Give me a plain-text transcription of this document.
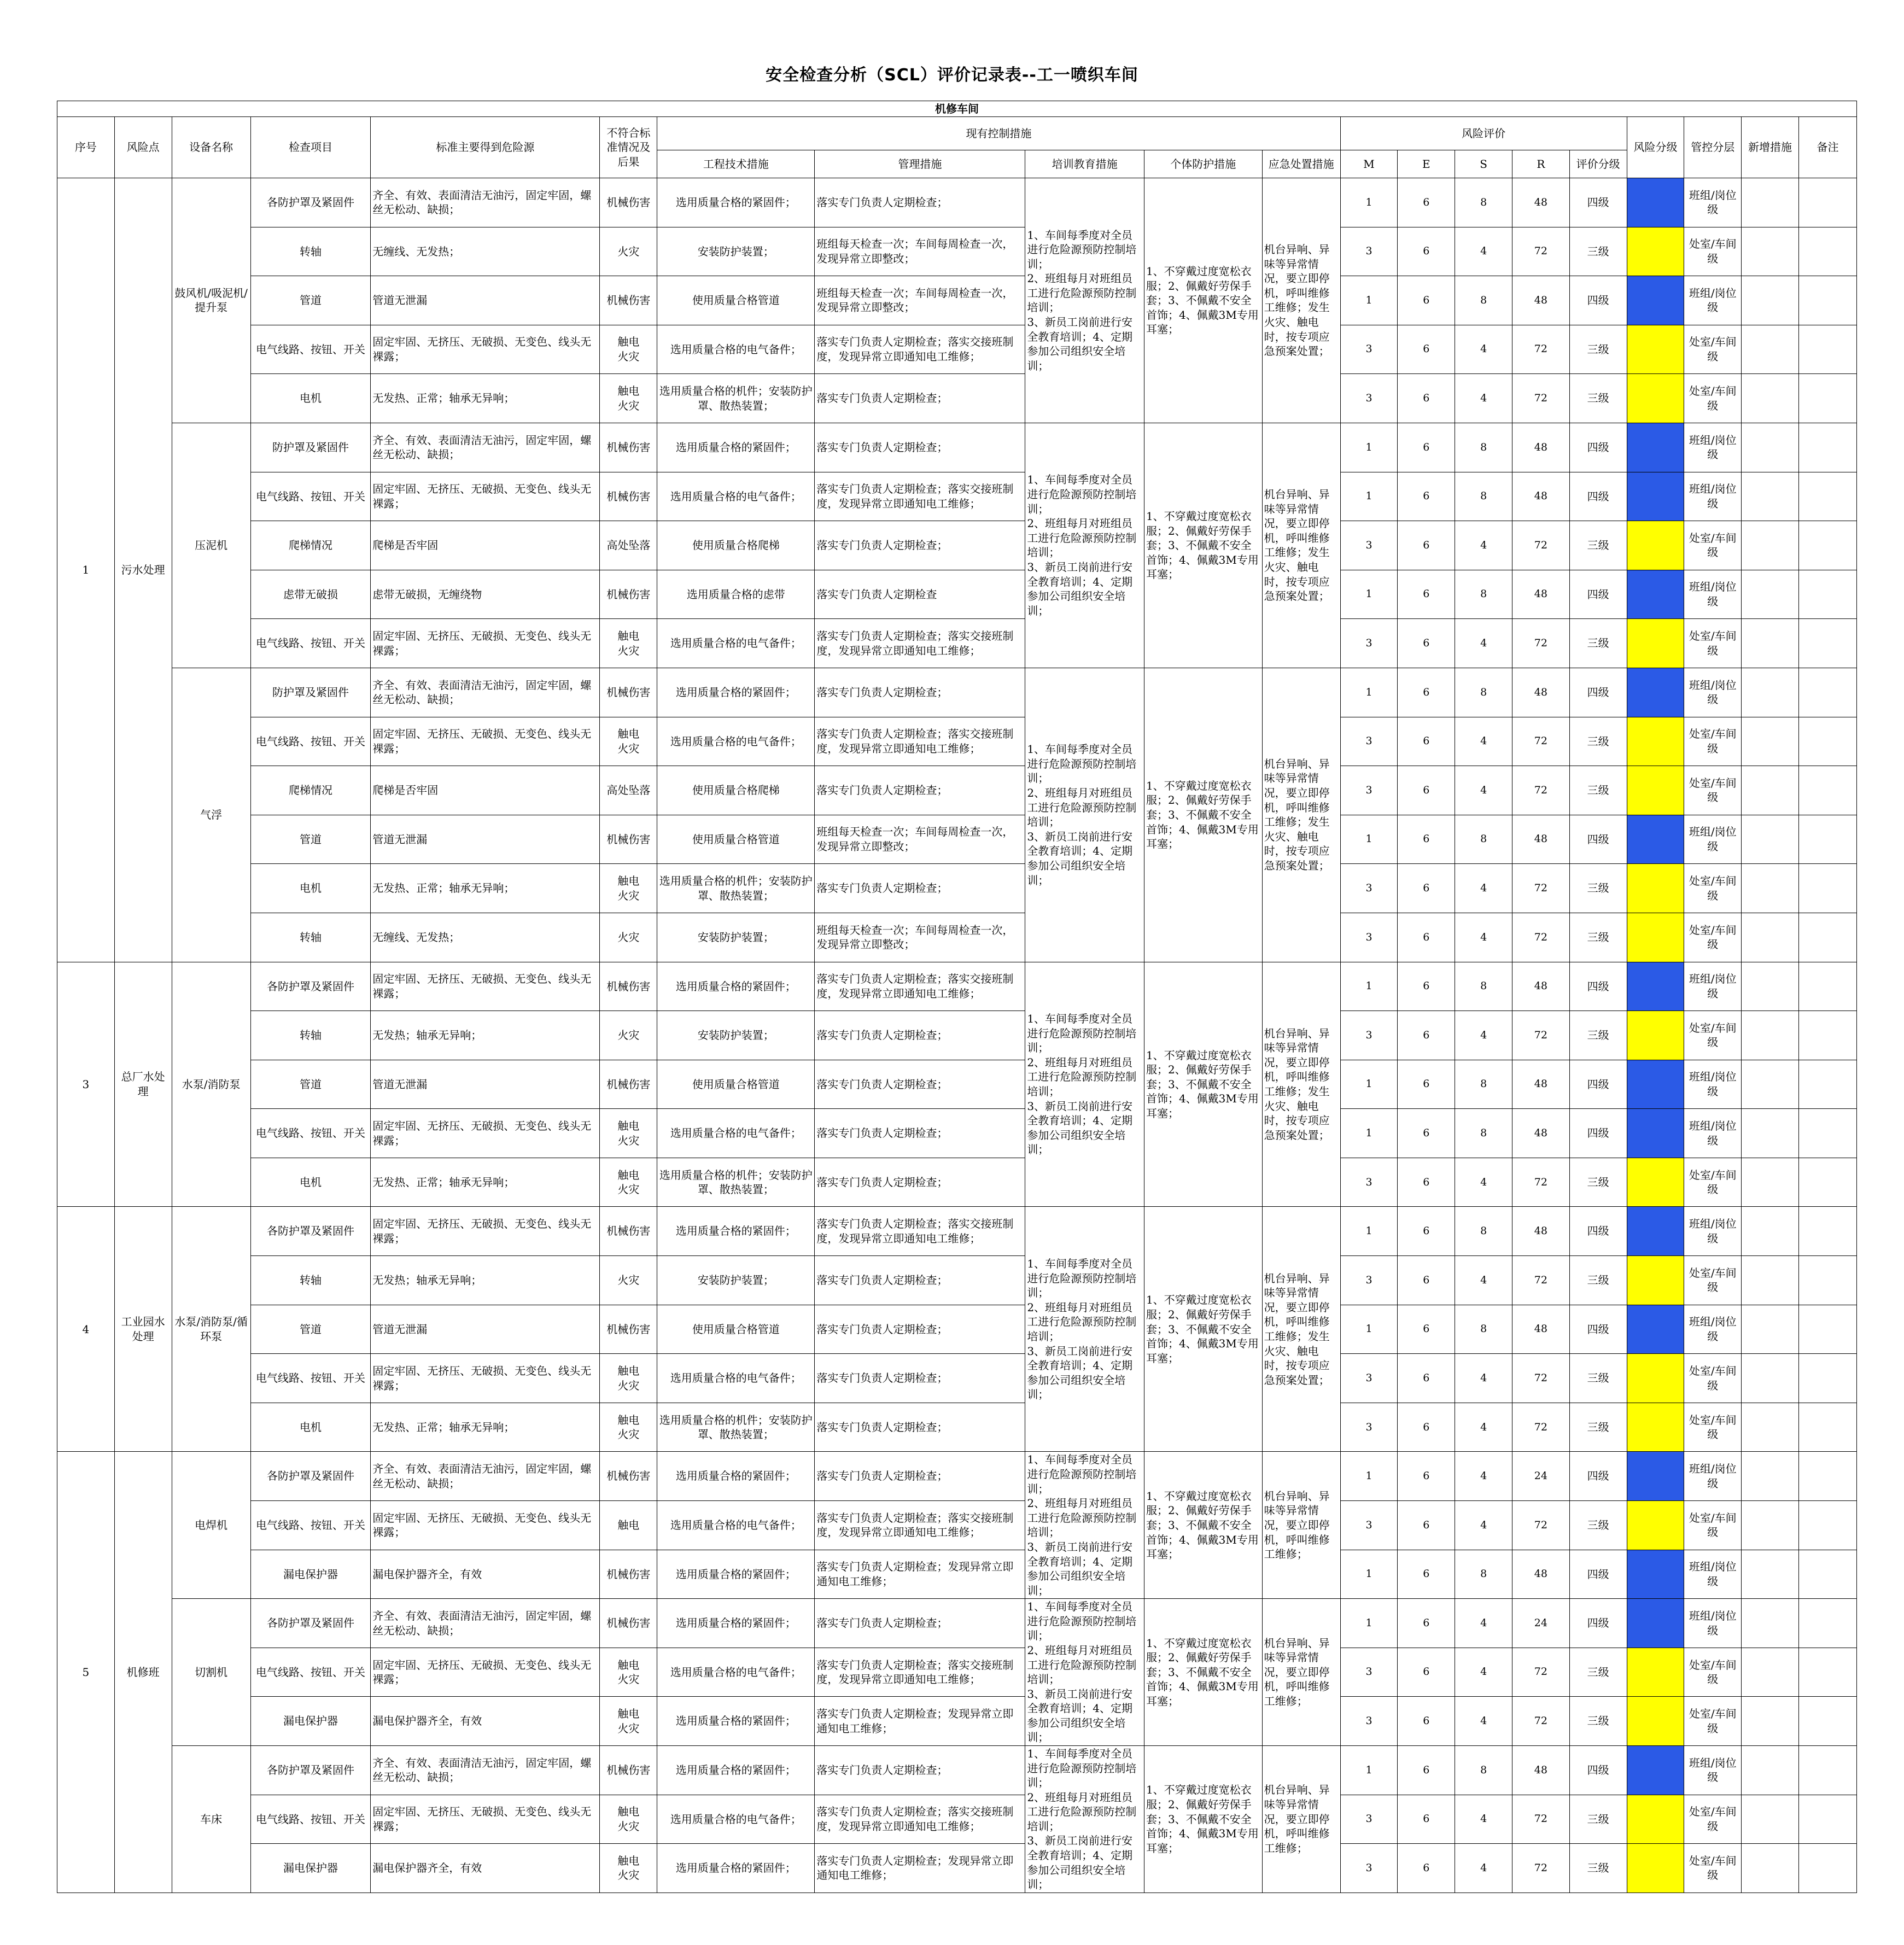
安全检查分析（SCL）评价记录表--工一喷织车间
机修车间																			
序号	风险点	设备名称	检查项目	标准主要得到危险源	不符合标准情况及后果	现有控制措施					风险评价					风险分级	管控分层	新增措施	备注
						工程技术措施	管理措施	培训教育措施	个体防护措施	应急处置措施	M	E	S	R	评价分级				
1	污水处理	鼓风机/吸泥机/提升泵	各防护罩及紧固件	齐全、有效、表面清洁无油污，固定牢固，螺丝无松动、缺损；	机械伤害	选用质量合格的紧固件；	落实专门负责人定期检查；	1、车间每季度对全员进行危险源预防控制培训；
2、班组每月对班组员工进行危险源预防控制培训；
3、新员工岗前进行安全教育培训；4、定期参加公司组织安全培训；	1、不穿戴过度宽松衣服；2、佩戴好劳保手套；3、不佩戴不安全首饰；4、佩戴3M专用耳塞；	机台异响、异味等异常情况，要立即停机，呼叫维修工维修；发生火灾、触电时，按专项应急预案处置；	1	6	8	48	四级		班组/岗位级		
			转轴	无缠线、无发热；	火灾	安装防护装置；	班组每天检查一次；车间每周检查一次，发现异常立即整改；				3	6	4	72	三级		处室/车间级		
			管道	管道无泄漏	机械伤害	使用质量合格管道	班组每天检查一次；车间每周检查一次，发现异常立即整改；				1	6	8	48	四级		班组/岗位级		
			电气线路、按钮、开关	固定牢固、无挤压、无破损、无变色、线头无裸露；	触电
火灾	选用质量合格的电气备件；	落实专门负责人定期检查；落实交接班制度，发现异常立即通知电工维修；				3	6	4	72	三级		处室/车间级		
			电机	无发热、正常；轴承无异响；	触电
火灾	选用质量合格的机件；安装防护罩、散热装置；	落实专门负责人定期检查；				3	6	4	72	三级		处室/车间级		
		压泥机	防护罩及紧固件	齐全、有效、表面清洁无油污，固定牢固，螺丝无松动、缺损；	机械伤害	选用质量合格的紧固件；	落实专门负责人定期检查；	1、车间每季度对全员进行危险源预防控制培训；
2、班组每月对班组员工进行危险源预防控制培训；
3、新员工岗前进行安全教育培训；4、定期参加公司组织安全培训；	1、不穿戴过度宽松衣服；2、佩戴好劳保手套；3、不佩戴不安全首饰；4、佩戴3M专用耳塞；	机台异响、异味等异常情况，要立即停机，呼叫维修工维修；发生火灾、触电时，按专项应急预案处置；	1	6	8	48	四级		班组/岗位级		
			电气线路、按钮、开关	固定牢固、无挤压、无破损、无变色、线头无裸露；	机械伤害	选用质量合格的电气备件；	落实专门负责人定期检查；落实交接班制度，发现异常立即通知电工维修；				1	6	8	48	四级		班组/岗位级		
			爬梯情况	爬梯是否牢固	高处坠落	使用质量合格爬梯	落实专门负责人定期检查；				3	6	4	72	三级		处室/车间级		
			虑带无破损	虑带无破损，无缠绕物	机械伤害	选用质量合格的虑带	落实专门负责人定期检查				1	6	8	48	四级		班组/岗位级		
			电气线路、按钮、开关	固定牢固、无挤压、无破损、无变色、线头无裸露；	触电
火灾	选用质量合格的电气备件；	落实专门负责人定期检查；落实交接班制度，发现异常立即通知电工维修；				3	6	4	72	三级		处室/车间级		
		气浮	防护罩及紧固件	齐全、有效、表面清洁无油污，固定牢固，螺丝无松动、缺损；	机械伤害	选用质量合格的紧固件；	落实专门负责人定期检查；	1、车间每季度对全员进行危险源预防控制培训；
2、班组每月对班组员工进行危险源预防控制培训；
3、新员工岗前进行安全教育培训；4、定期参加公司组织安全培训；	1、不穿戴过度宽松衣服；2、佩戴好劳保手套；3、不佩戴不安全首饰；4、佩戴3M专用耳塞；	机台异响、异味等异常情况，要立即停机，呼叫维修工维修；发生火灾、触电时，按专项应急预案处置；	1	6	8	48	四级		班组/岗位级		
			电气线路、按钮、开关	固定牢固、无挤压、无破损、无变色、线头无裸露；	触电
火灾	选用质量合格的电气备件；	落实专门负责人定期检查；落实交接班制度，发现异常立即通知电工维修；				3	6	4	72	三级		处室/车间级		
			爬梯情况	爬梯是否牢固	高处坠落	使用质量合格爬梯	落实专门负责人定期检查；				3	6	4	72	三级		处室/车间级		
			管道	管道无泄漏	机械伤害	使用质量合格管道	班组每天检查一次；车间每周检查一次，发现异常立即整改；				1	6	8	48	四级		班组/岗位级		
			电机	无发热、正常；轴承无异响；	触电
火灾	选用质量合格的机件；安装防护罩、散热装置；	落实专门负责人定期检查；				3	6	4	72	三级		处室/车间级		
			转轴	无缠线、无发热；	火灾	安装防护装置；	班组每天检查一次；车间每周检查一次，发现异常立即整改；				3	6	4	72	三级		处室/车间级		
3	总厂水处理	水泵/消防泵	各防护罩及紧固件	固定牢固、无挤压、无破损、无变色、线头无裸露；	机械伤害	选用质量合格的紧固件；	落实专门负责人定期检查；落实交接班制度，发现异常立即通知电工维修；	1、车间每季度对全员进行危险源预防控制培训；
2、班组每月对班组员工进行危险源预防控制培训；
3、新员工岗前进行安全教育培训；4、定期参加公司组织安全培训；	1、不穿戴过度宽松衣服；2、佩戴好劳保手套；3、不佩戴不安全首饰；4、佩戴3M专用耳塞；	机台异响、异味等异常情况，要立即停机，呼叫维修工维修；发生火灾、触电时，按专项应急预案处置；	1	6	8	48	四级		班组/岗位级		
			转轴	无发热；轴承无异响；	火灾	安装防护装置；	落实专门负责人定期检查；				3	6	4	72	三级		处室/车间级		
			管道	管道无泄漏	机械伤害	使用质量合格管道	落实专门负责人定期检查；				1	6	8	48	四级		班组/岗位级		
			电气线路、按钮、开关	固定牢固、无挤压、无破损、无变色、线头无裸露；	触电
火灾	选用质量合格的电气备件；	落实专门负责人定期检查；				1	6	8	48	四级		班组/岗位级		
			电机	无发热、正常；轴承无异响；	触电
火灾	选用质量合格的机件；安装防护罩、散热装置；	落实专门负责人定期检查；				3	6	4	72	三级		处室/车间级		
4	工业园水处理	水泵/消防泵/循环泵	各防护罩及紧固件	固定牢固、无挤压、无破损、无变色、线头无裸露；	机械伤害	选用质量合格的紧固件；	落实专门负责人定期检查；落实交接班制度，发现异常立即通知电工维修；	1、车间每季度对全员进行危险源预防控制培训；
2、班组每月对班组员工进行危险源预防控制培训；
3、新员工岗前进行安全教育培训；4、定期参加公司组织安全培训；	1、不穿戴过度宽松衣服；2、佩戴好劳保手套；3、不佩戴不安全首饰；4、佩戴3M专用耳塞；	机台异响、异味等异常情况，要立即停机，呼叫维修工维修；发生火灾、触电时，按专项应急预案处置；	1	6	8	48	四级		班组/岗位级		
			转轴	无发热；轴承无异响；	火灾	安装防护装置；	落实专门负责人定期检查；				3	6	4	72	三级		处室/车间级		
			管道	管道无泄漏	机械伤害	使用质量合格管道	落实专门负责人定期检查；				1	6	8	48	四级		班组/岗位级		
			电气线路、按钮、开关	固定牢固、无挤压、无破损、无变色、线头无裸露；	触电
火灾	选用质量合格的电气备件；	落实专门负责人定期检查；				3	6	4	72	三级		处室/车间级		
			电机	无发热、正常；轴承无异响；	触电
火灾	选用质量合格的机件；安装防护罩、散热装置；	落实专门负责人定期检查；				3	6	4	72	三级		处室/车间级		
5	机修班	电焊机	各防护罩及紧固件	齐全、有效、表面清洁无油污，固定牢固，螺丝无松动、缺损；	机械伤害	选用质量合格的紧固件；	落实专门负责人定期检查；	1、车间每季度对全员进行危险源预防控制培训；
2、班组每月对班组员工进行危险源预防控制培训；
3、新员工岗前进行安全教育培训；4、定期参加公司组织安全培训；	1、不穿戴过度宽松衣服；2、佩戴好劳保手套；3、不佩戴不安全首饰；4、佩戴3M专用耳塞；	机台异响、异味等异常情况，要立即停机，呼叫维修工维修；	1	6	4	24	四级		班组/岗位级		
			电气线路、按钮、开关	固定牢固、无挤压、无破损、无变色、线头无裸露；	触电	选用质量合格的电气备件；	落实专门负责人定期检查；落实交接班制度，发现异常立即通知电工维修；				3	6	4	72	三级		处室/车间级		
			漏电保护器	漏电保护器齐全，有效	机械伤害	选用质量合格的紧固件；	落实专门负责人定期检查；发现异常立即通知电工维修；				1	6	8	48	四级		班组/岗位级		
		切割机	各防护罩及紧固件	齐全、有效、表面清洁无油污，固定牢固，螺丝无松动、缺损；	机械伤害	选用质量合格的紧固件；	落实专门负责人定期检查；	1、车间每季度对全员进行危险源预防控制培训；
2、班组每月对班组员工进行危险源预防控制培训；
3、新员工岗前进行安全教育培训；4、定期参加公司组织安全培训；	1、不穿戴过度宽松衣服；2、佩戴好劳保手套；3、不佩戴不安全首饰；4、佩戴3M专用耳塞；	机台异响、异味等异常情况，要立即停机，呼叫维修工维修；	1	6	4	24	四级		班组/岗位级		
			电气线路、按钮、开关	固定牢固、无挤压、无破损、无变色、线头无裸露；	触电
火灾	选用质量合格的电气备件；	落实专门负责人定期检查；落实交接班制度，发现异常立即通知电工维修；				3	6	4	72	三级		处室/车间级		
			漏电保护器	漏电保护器齐全，有效	触电
火灾	选用质量合格的紧固件；	落实专门负责人定期检查；发现异常立即通知电工维修；				3	6	4	72	三级		处室/车间级		
		车床	各防护罩及紧固件	齐全、有效、表面清洁无油污，固定牢固，螺丝无松动、缺损；	机械伤害	选用质量合格的紧固件；	落实专门负责人定期检查；	1、车间每季度对全员进行危险源预防控制培训；
2、班组每月对班组员工进行危险源预防控制培训；
3、新员工岗前进行安全教育培训；4、定期参加公司组织安全培训；	1、不穿戴过度宽松衣服；2、佩戴好劳保手套；3、不佩戴不安全首饰；4、佩戴3M专用耳塞；	机台异响、异味等异常情况，要立即停机，呼叫维修工维修；	1	6	8	48	四级		班组/岗位级		
			电气线路、按钮、开关	固定牢固、无挤压、无破损、无变色、线头无裸露；	触电
火灾	选用质量合格的电气备件；	落实专门负责人定期检查；落实交接班制度，发现异常立即通知电工维修；				3	6	4	72	三级		处室/车间级		
			漏电保护器	漏电保护器齐全，有效	触电
火灾	选用质量合格的紧固件；	落实专门负责人定期检查；发现异常立即通知电工维修；				3	6	4	72	三级		处室/车间级		
